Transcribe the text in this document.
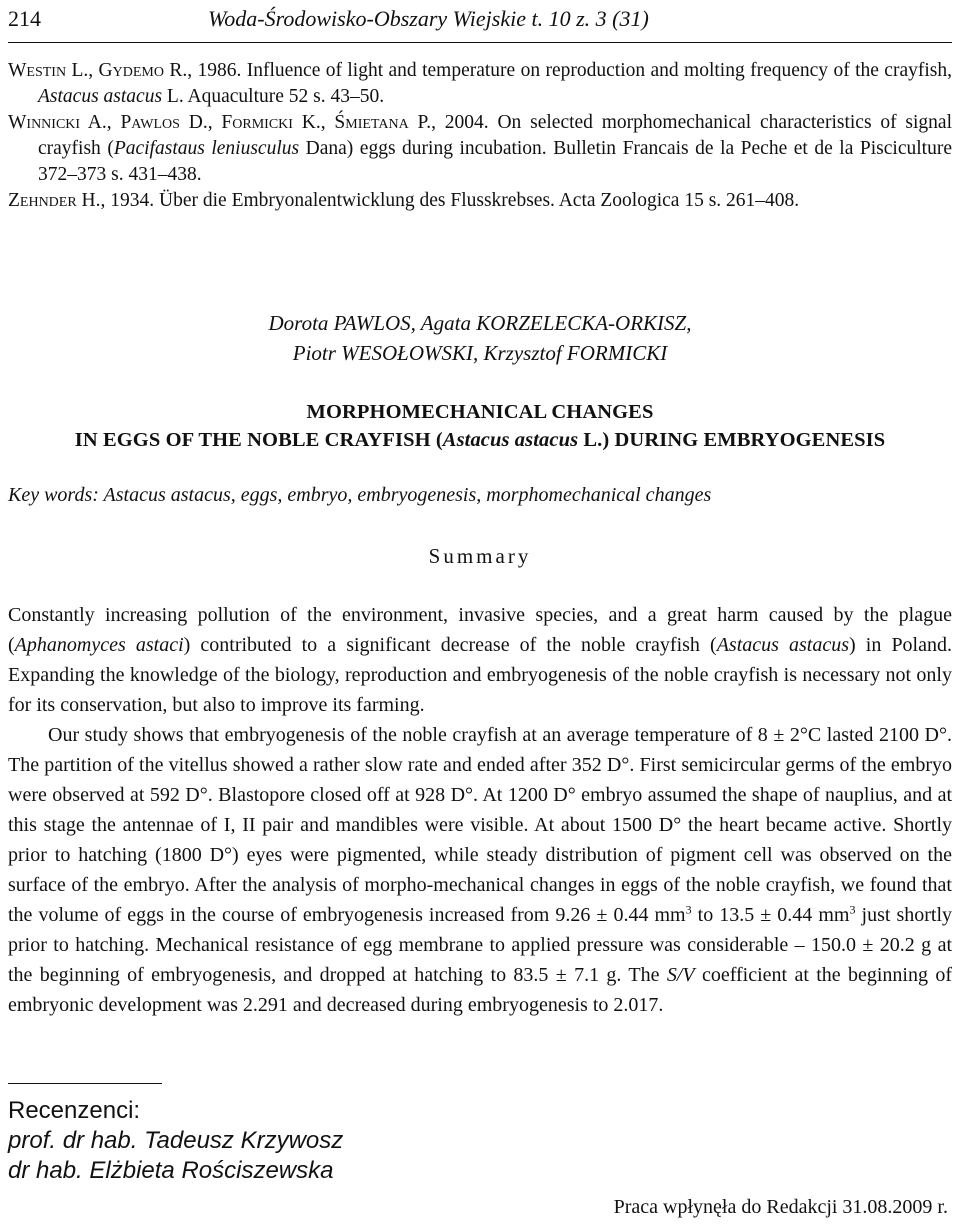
214	Woda-Środowisko-Obszary Wiejskie t. 10 z. 3 (31)

Westin L., Gydemo R., 1986. Influence of light and temperature on reproduction and molting frequency of the crayfish, Astacus astacus L. Aquaculture 52 s. 43–50.

Winnicki A., Pawlos D., Formicki K., Śmietana P., 2004. On selected morphomechanical characteristics of signal crayfish (Pacifastaus leniusculus Dana) eggs during incubation. Bulletin Francais de la Peche et de la Pisciculture 372–373 s. 431–438.

Zehnder H., 1934. Über die Embryonalentwicklung des Flusskrebses. Acta Zoologica 15 s. 261–408.

Dorota PAWLOS, Agata KORZELECKA-ORKISZ,
Piotr WESOŁOWSKI, Krzysztof FORMICKI
MORPHOMECHANICAL CHANGES
IN EGGS OF THE NOBLE CRAYFISH (Astacus astacus L.) DURING EMBRYOGENESIS
Key words: Astacus astacus, eggs, embryo, embryogenesis, morphomechanical changes
Summary

Constantly increasing pollution of the environment, invasive species, and a great harm caused by the plague (Aphanomyces astaci) contributed to a significant decrease of the noble crayfish (Astacus astacus) in Poland. Expanding the knowledge of the biology, reproduction and embryogenesis of the noble crayfish is necessary not only for its conservation, but also to improve its farming.

Our study shows that embryogenesis of the noble crayfish at an average temperature of 8 ± 2°C lasted 2100 D°. The partition of the vitellus showed a rather slow rate and ended after 352 D°. First semicircular germs of the embryo were observed at 592 D°. Blastopore closed off at 928 D°. At 1200 D° embryo assumed the shape of nauplius, and at this stage the antennae of I, II pair and mandibles were visible. At about 1500 D° the heart became active. Shortly prior to hatching (1800 D°) eyes were pigmented, while steady distribution of pigment cell was observed on the surface of the embryo. After the analysis of morpho-mechanical changes in eggs of the noble crayfish, we found that the volume of eggs in the course of embryogenesis increased from 9.26 ± 0.44 $mm^3$ to 13.5 ± 0.44 $mm^3$ just shortly prior to hatching. Mechanical resistance of egg membrane to applied pressure was considerable – 150.0 ± 20.2 g at the beginning of embryogenesis, and dropped at hatching to 83.5 ± 7.1 g. The S/V coefficient at the beginning of embryonic development was 2.291 and decreased during embryogenesis to 2.017.

Recenzenci:
prof. dr hab. Tadeusz Krzywosz
dr hab. Elżbieta Rościszewska
Praca wpłynęła do Redakcji 31.08.2009 r.
